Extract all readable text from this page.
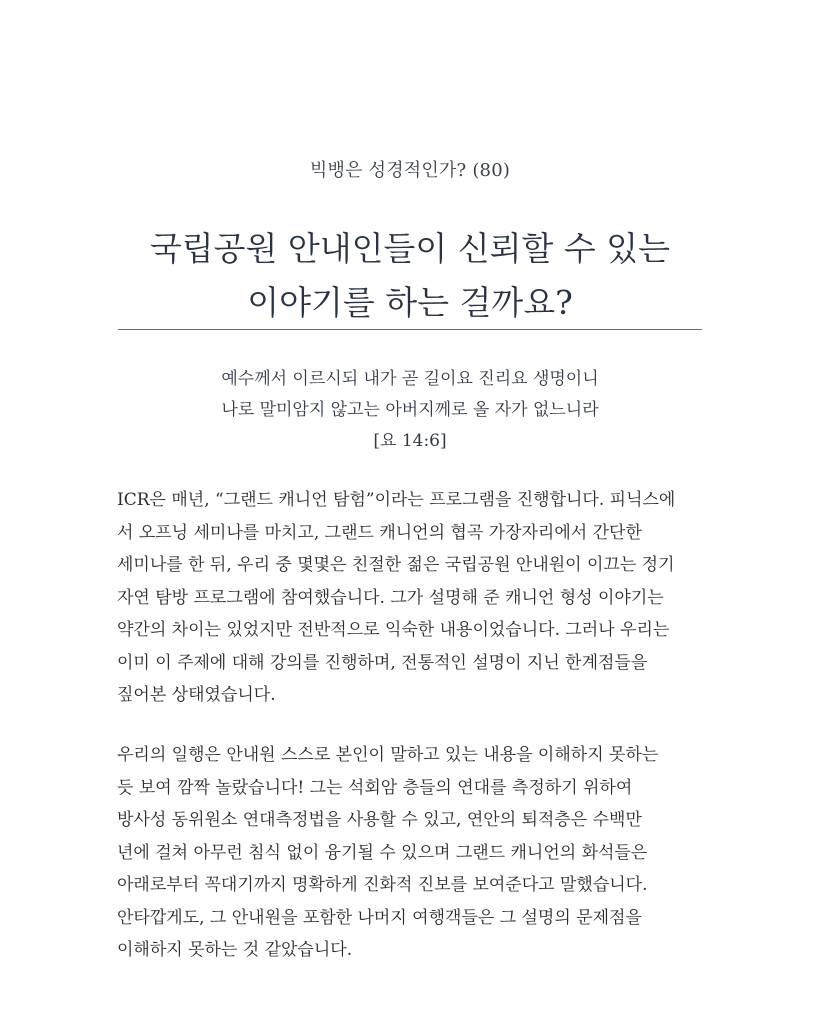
빅뱅은 성경적인가? (80)
국립공원 안내인들이 신뢰할 수 있는
이야기를 하는 걸까요?
예수께서 이르시되 내가 곧 길이요 진리요 생명이니
나로 말미암지 않고는 아버지께로 올 자가 없느니라
[요 14:6]
ICR은 매년, “그랜드 캐니언 탐험”이라는 프로그램을 진행합니다. 피닉스에
서 오프닝 세미나를 마치고, 그랜드 캐니언의 협곡 가장자리에서 간단한
세미나를 한 뒤, 우리 중 몇몇은 친절한 젊은 국립공원 안내원이 이끄는 정기
자연 탐방 프로그램에 참여했습니다. 그가 설명해 준 캐니언 형성 이야기는
약간의 차이는 있었지만 전반적으로 익숙한 내용이었습니다. 그러나 우리는
이미 이 주제에 대해 강의를 진행하며, 전통적인 설명이 지닌 한계점들을
짚어본 상태였습니다.
우리의 일행은 안내원 스스로 본인이 말하고 있는 내용을 이해하지 못하는
듯 보여 깜짝 놀랐습니다! 그는 석회암 층들의 연대를 측정하기 위하여
방사성 동위원소 연대측정법을 사용할 수 있고, 연안의 퇴적층은 수백만
년에 걸쳐 아무런 침식 없이 융기될 수 있으며 그랜드 캐니언의 화석들은
아래로부터 꼭대기까지 명확하게 진화적 진보를 보여준다고 말했습니다.
안타깝게도, 그 안내원을 포함한 나머지 여행객들은 그 설명의 문제점을
이해하지 못하는 것 같았습니다.
